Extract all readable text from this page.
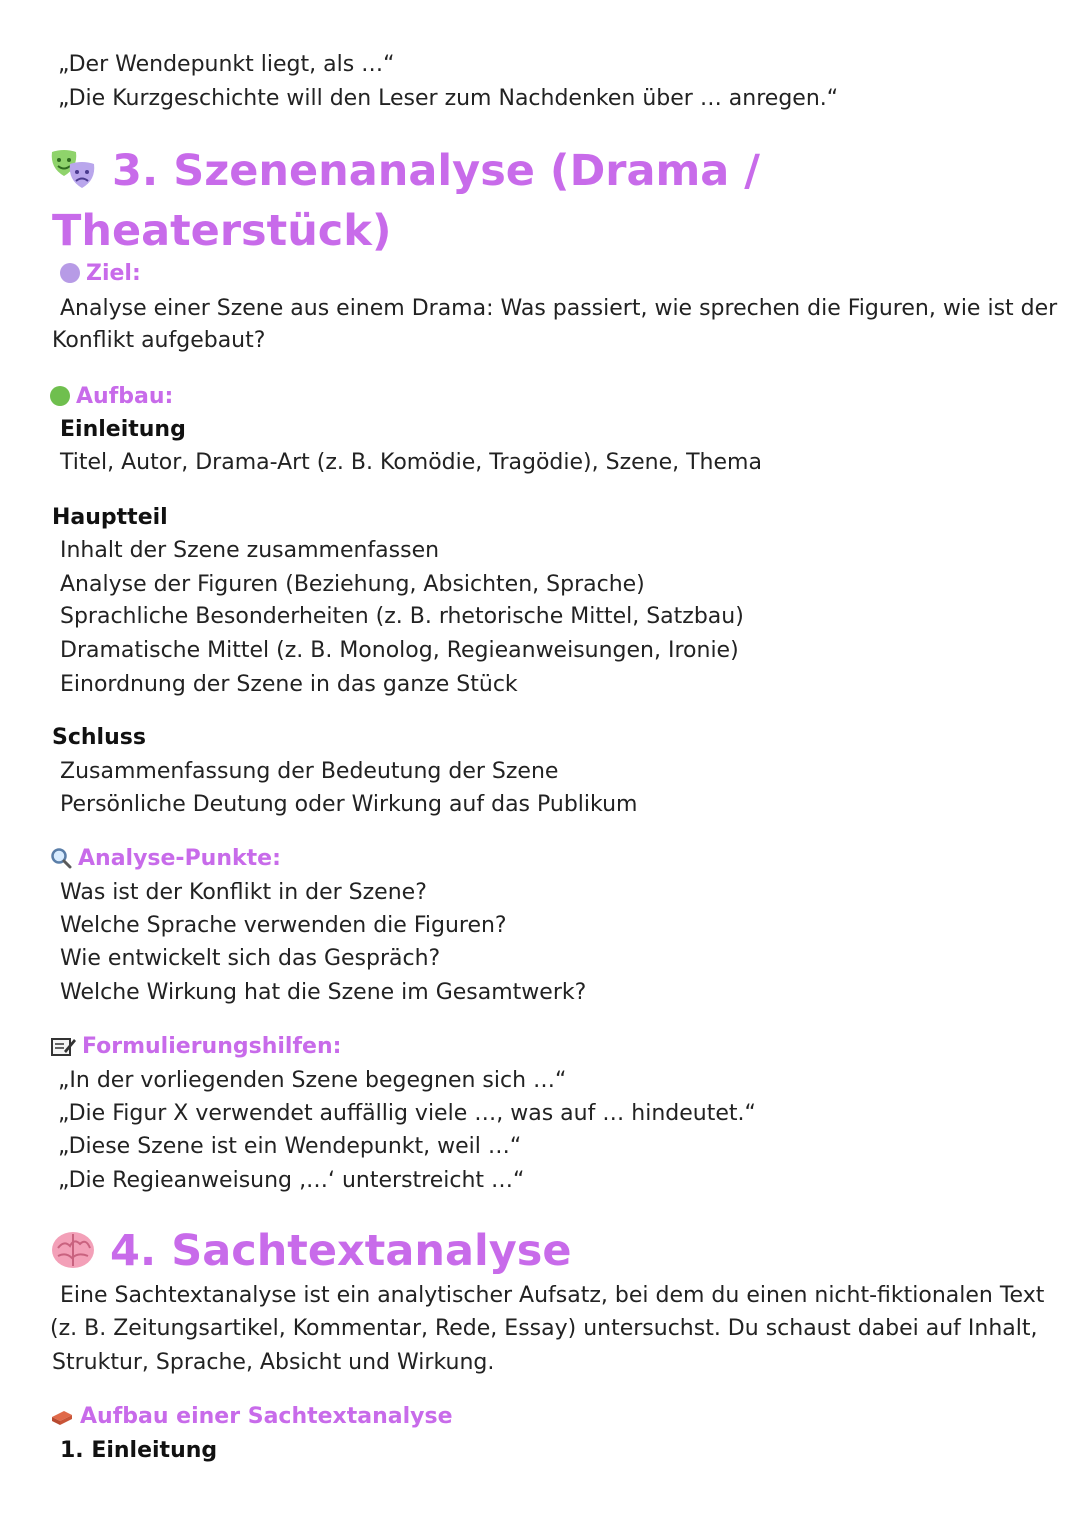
„Der Wendepunkt liegt, als …“
„Die Kurzgeschichte will den Leser zum Nachdenken über … anregen.“
3. Szenenanalyse (Drama /
Theaterstück)
Ziel:
Analyse einer Szene aus einem Drama: Was passiert, wie sprechen die Figuren, wie ist der
Konflikt aufgebaut?
Aufbau:
Einleitung
Titel, Autor, Drama-Art (z. B. Komödie, Tragödie), Szene, Thema
Hauptteil
Inhalt der Szene zusammenfassen
Analyse der Figuren (Beziehung, Absichten, Sprache)
Sprachliche Besonderheiten (z. B. rhetorische Mittel, Satzbau)
Dramatische Mittel (z. B. Monolog, Regieanweisungen, Ironie)
Einordnung der Szene in das ganze Stück
Schluss
Zusammenfassung der Bedeutung der Szene
Persönliche Deutung oder Wirkung auf das Publikum
Analyse-Punkte:
Was ist der Konflikt in der Szene?
Welche Sprache verwenden die Figuren?
Wie entwickelt sich das Gespräch?
Welche Wirkung hat die Szene im Gesamtwerk?
Formulierungshilfen:
„In der vorliegenden Szene begegnen sich …“
„Die Figur X verwendet auffällig viele …, was auf … hindeutet.“
„Diese Szene ist ein Wendepunkt, weil …“
„Die Regieanweisung ‚…‘ unterstreicht …“
4. Sachtextanalyse
Eine Sachtextanalyse ist ein analytischer Aufsatz, bei dem du einen nicht-fiktionalen Text
(z. B. Zeitungsartikel, Kommentar, Rede, Essay) untersuchst. Du schaust dabei auf Inhalt,
Struktur, Sprache, Absicht und Wirkung.
Aufbau einer Sachtextanalyse
1. Einleitung
